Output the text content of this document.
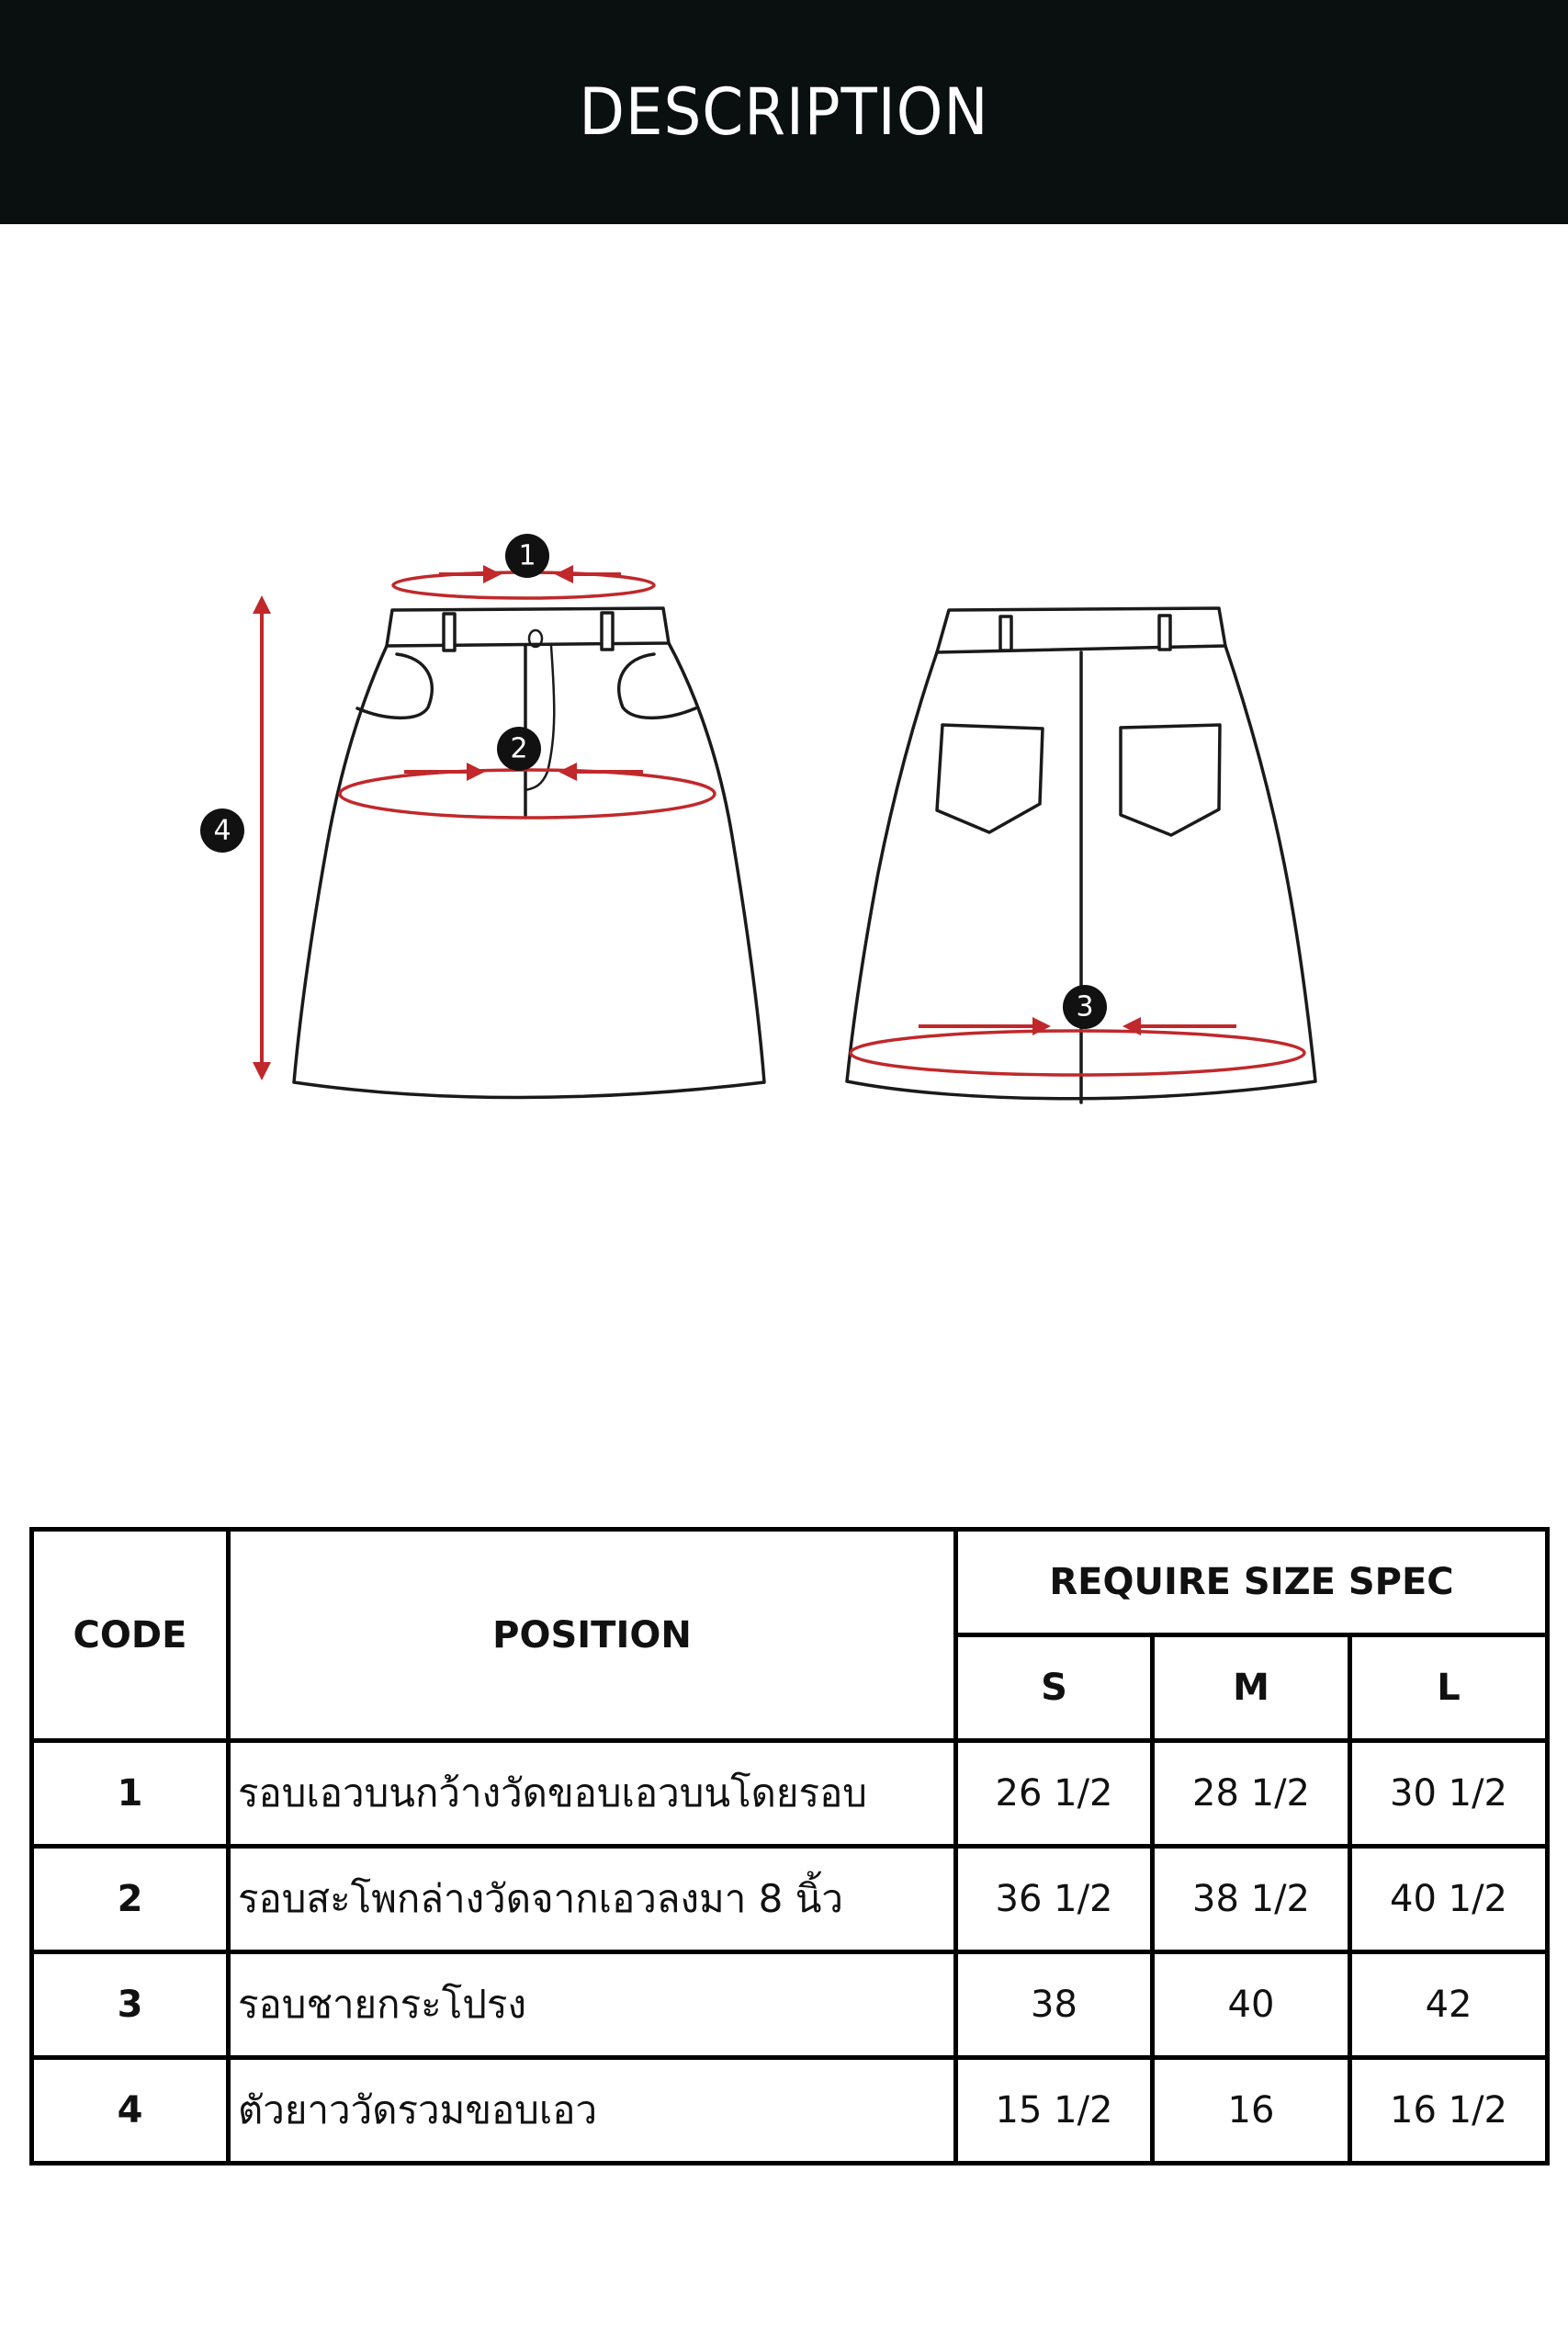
DESCRIPTION
1
2
3
4
CODE	POSITION	REQUIRE SIZE SPEC		
		S	M	L
1	รอบเอวบนกว้างวัดขอบเอวบนโดยรอบ	26 1/2	28 1/2	30 1/2
2	รอบสะโพกล่างวัดจากเอวลงมา 8 นิ้ว	36 1/2	38 1/2	40 1/2
3	รอบชายกระโปรง	38	40	42
4	ตัวยาววัดรวมขอบเอว	15 1/2	16	16 1/2
